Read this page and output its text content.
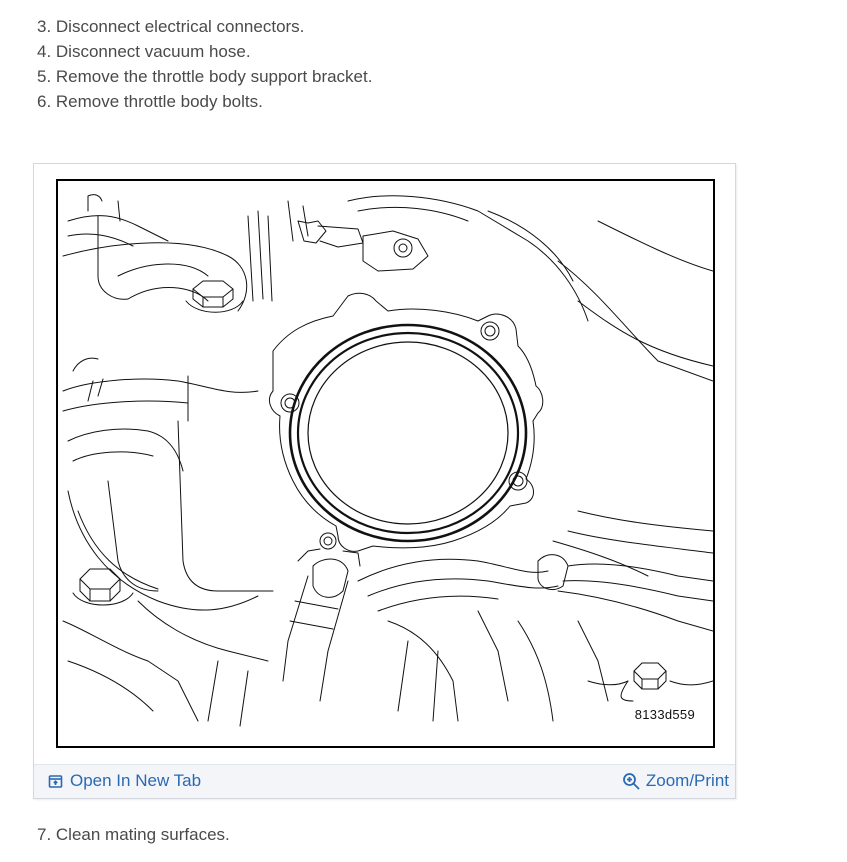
3. Disconnect electrical connectors.
4. Disconnect vacuum hose.
5. Remove the throttle body support bracket.
6. Remove throttle body bolts.
8133d559
Open In New Tab	Zoom/Print
7. Clean mating surfaces.
